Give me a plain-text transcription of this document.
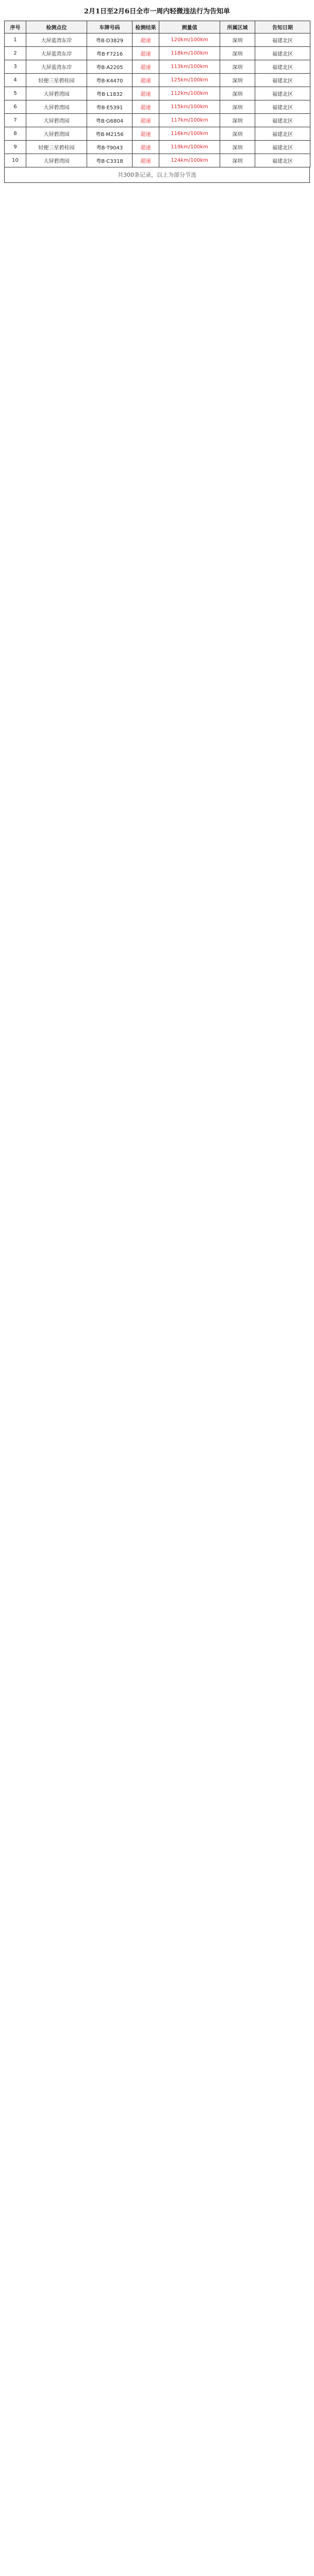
2月1日至2月6日全市一周内轻微违法行为告知单
序号	检测点位	车牌号码	检测结果	测量值	所属区域	告知日期
1	大屏蓝湾东岸	粤B·D3829	超速	120km/100km	深圳	福建北区
2	大屏蓝湾东岸	粤B·F7216	超速	118km/100km	深圳	福建北区
3	大屏蓝湾东岸	粤B·A2205	超速	113km/100km	深圳	福建北区
4	轻便三星碧桂园	粤B·K4470	超速	125km/100km	深圳	福建北区
5	大屏碧湾园	粤B·L1832	超速	112km/100km	深圳	福建北区
6	大屏碧湾园	粤B·E5391	超速	115km/100km	深圳	福建北区
7	大屏碧湾园	粤B·G6804	超速	117km/100km	深圳	福建北区
8	大屏碧湾园	粤B·M2156	超速	116km/100km	深圳	福建北区
9	轻便三星碧桂园	粤B·T9043	超速	119km/100km	深圳	福建北区
10	大屏碧湾园	粤B·C3318	超速	124km/100km	深圳	福建北区
共300条记录，以上为部分节选
